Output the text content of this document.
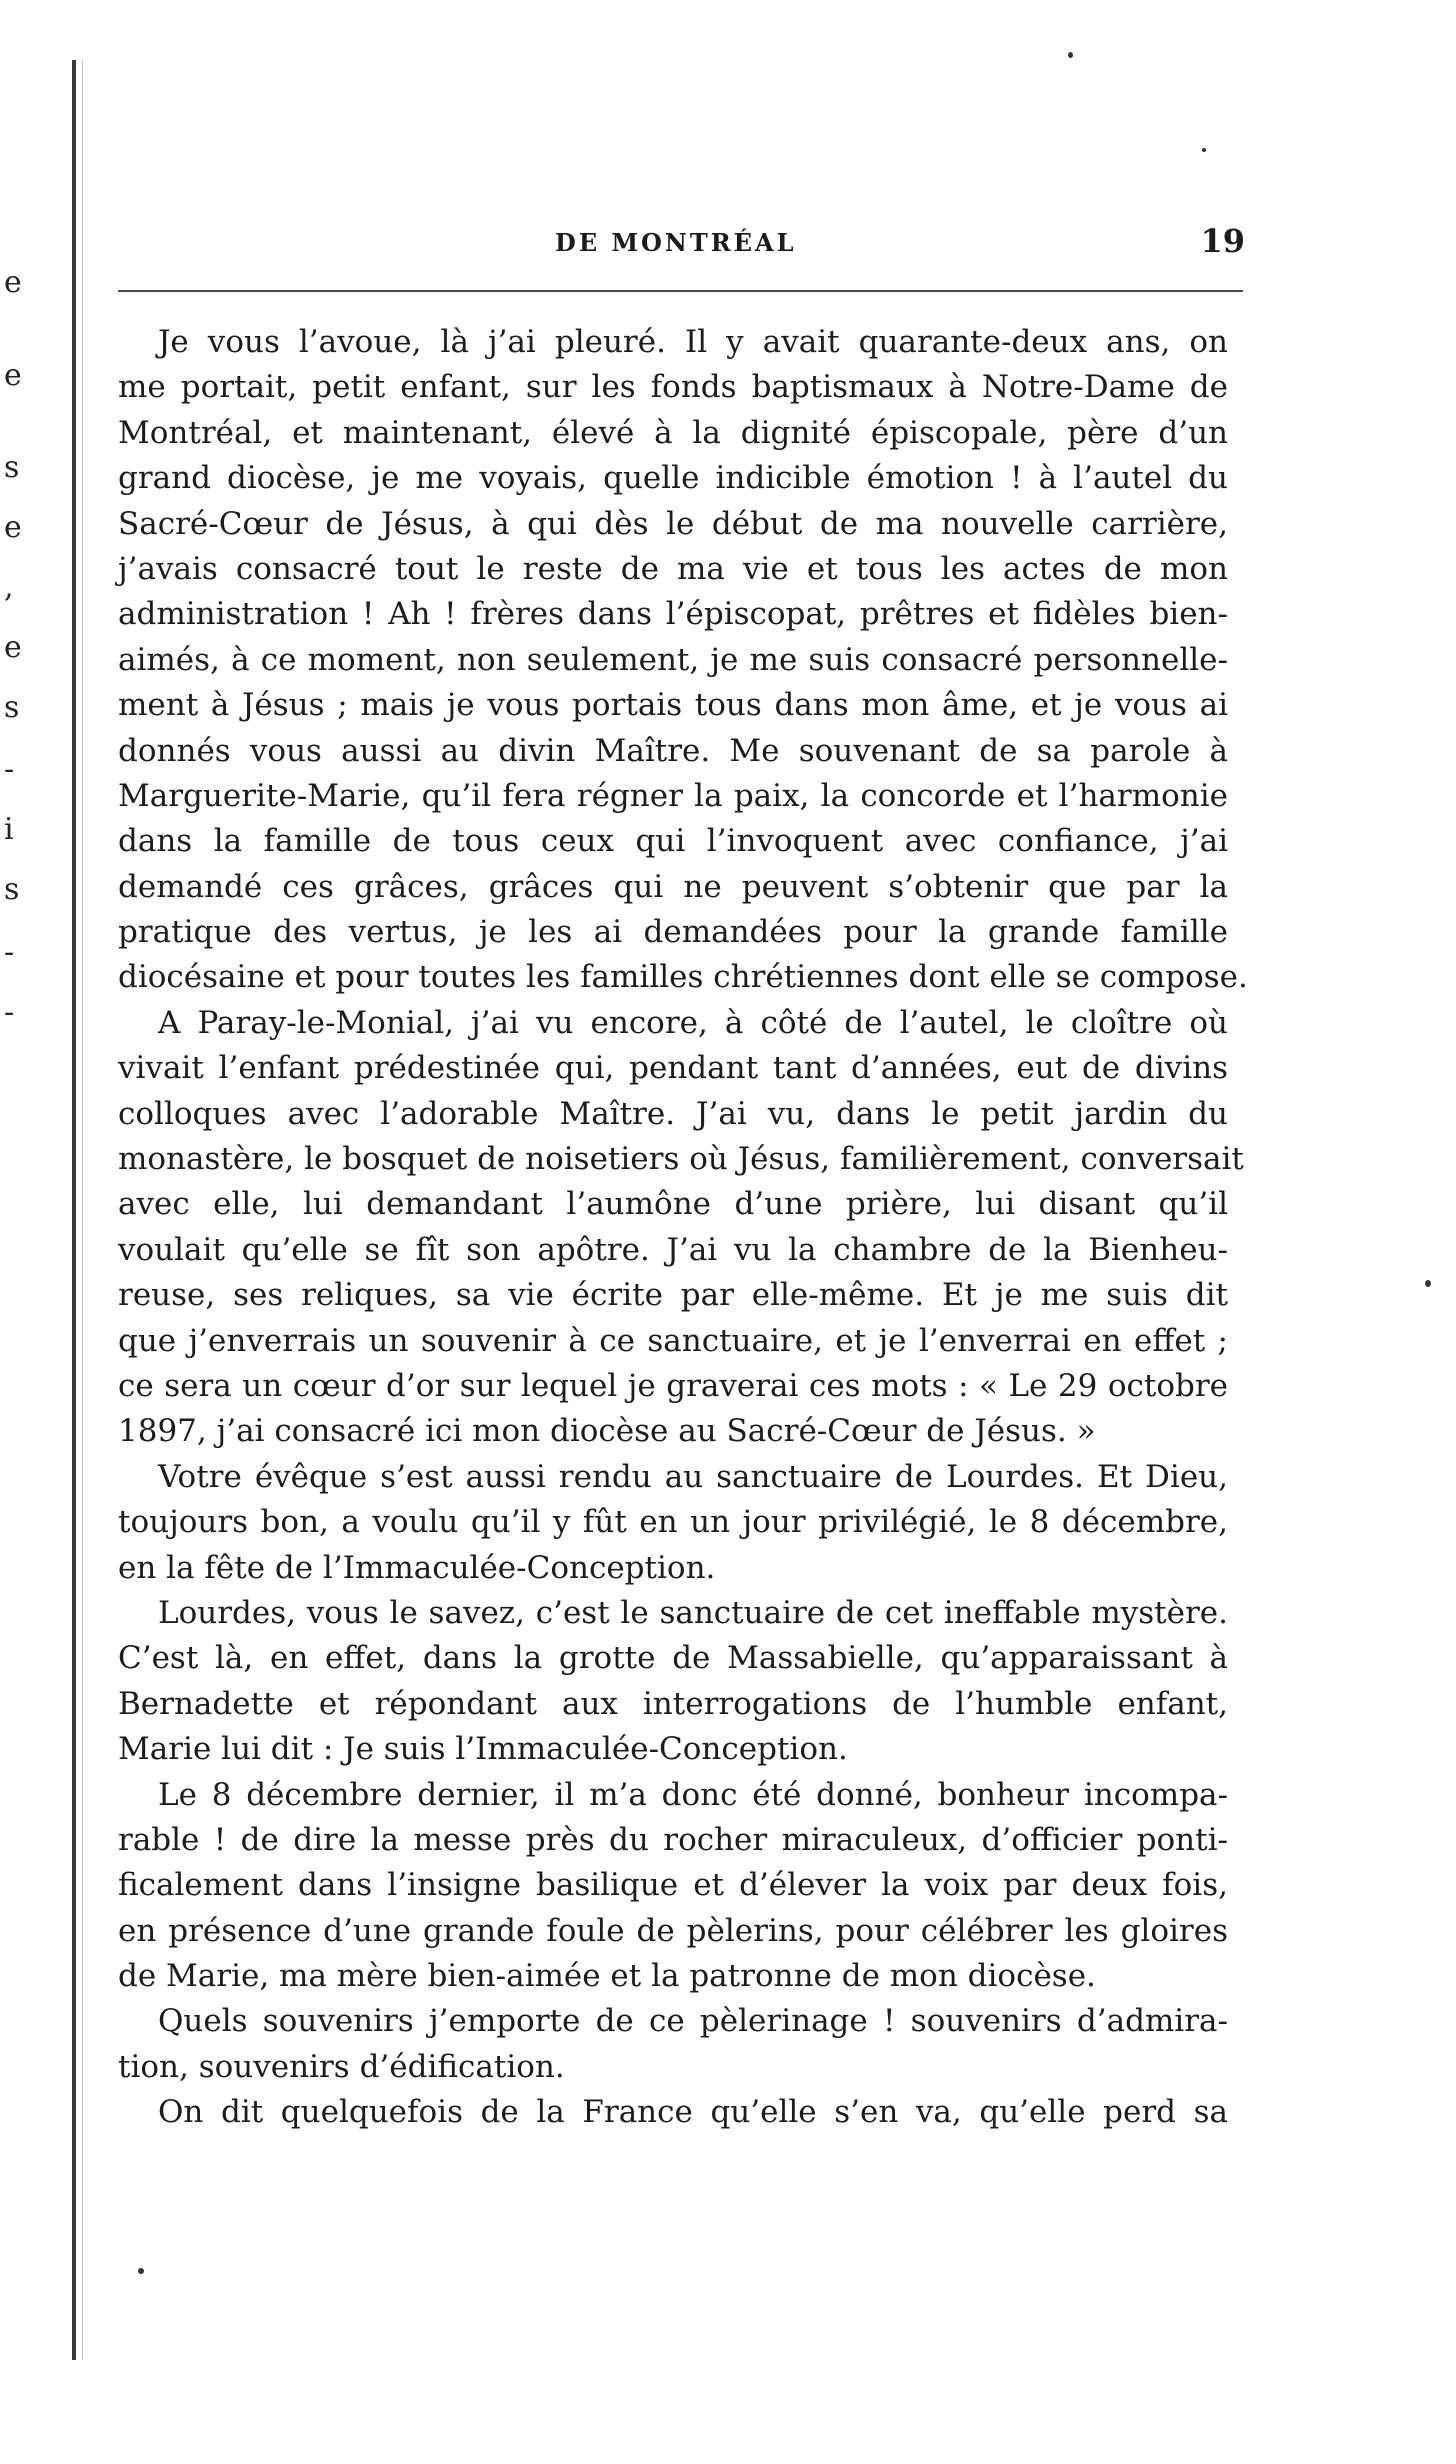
e
e
s
e
,
e
s
-
i
s
-
-
DE MONTRÉAL	19
Je vous l’avoue, là j’ai pleuré. Il y avait quarante-deux ans, on
me portait, petit enfant, sur les fonds baptismaux à Notre-Dame de
Montréal, et maintenant, élevé à la dignité épiscopale, père d’un
grand diocèse, je me voyais, quelle indicible émotion ! à l’autel du
Sacré-Cœur de Jésus, à qui dès le début de ma nouvelle carrière,
j’avais consacré tout le reste de ma vie et tous les actes de mon
administration ! Ah ! frères dans l’épiscopat, prêtres et fidèles bien-
aimés, à ce moment, non seulement, je me suis consacré personnelle-
ment à Jésus ; mais je vous portais tous dans mon âme, et je vous ai
donnés vous aussi au divin Maître. Me souvenant de sa parole à
Marguerite-Marie, qu’il fera régner la paix, la concorde et l’harmonie
dans la famille de tous ceux qui l’invoquent avec confiance, j’ai
demandé ces grâces, grâces qui ne peuvent s’obtenir que par la
pratique des vertus, je les ai demandées pour la grande famille
diocésaine et pour toutes les familles chrétiennes dont elle se compose.
A Paray-le-Monial, j’ai vu encore, à côté de l’autel, le cloître où
vivait l’enfant prédestinée qui, pendant tant d’années, eut de divins
colloques avec l’adorable Maître. J’ai vu, dans le petit jardin du
monastère, le bosquet de noisetiers où Jésus, familièrement, conversait
avec elle, lui demandant l’aumône d’une prière, lui disant qu’il
voulait qu’elle se fît son apôtre. J’ai vu la chambre de la Bienheu-
reuse, ses reliques, sa vie écrite par elle-même. Et je me suis dit
que j’enverrais un souvenir à ce sanctuaire, et je l’enverrai en effet ;
ce sera un cœur d’or sur lequel je graverai ces mots : « Le 29 octobre
1897, j’ai consacré ici mon diocèse au Sacré-Cœur de Jésus. »
Votre évêque s’est aussi rendu au sanctuaire de Lourdes. Et Dieu,
toujours bon, a voulu qu’il y fût en un jour privilégié, le 8 décembre,
en la fête de l’Immaculée-Conception.
Lourdes, vous le savez, c’est le sanctuaire de cet ineffable mystère.
C’est là, en effet, dans la grotte de Massabielle, qu’apparaissant à
Bernadette et répondant aux interrogations de l’humble enfant,
Marie lui dit : Je suis l’Immaculée-Conception.
Le 8 décembre dernier, il m’a donc été donné, bonheur incompa-
rable ! de dire la messe près du rocher miraculeux, d’officier ponti-
ficalement dans l’insigne basilique et d’élever la voix par deux fois,
en présence d’une grande foule de pèlerins, pour célébrer les gloires
de Marie, ma mère bien-aimée et la patronne de mon diocèse.
Quels souvenirs j’emporte de ce pèlerinage ! souvenirs d’admira-
tion, souvenirs d’édification.
On dit quelquefois de la France qu’elle s’en va, qu’elle perd sa
